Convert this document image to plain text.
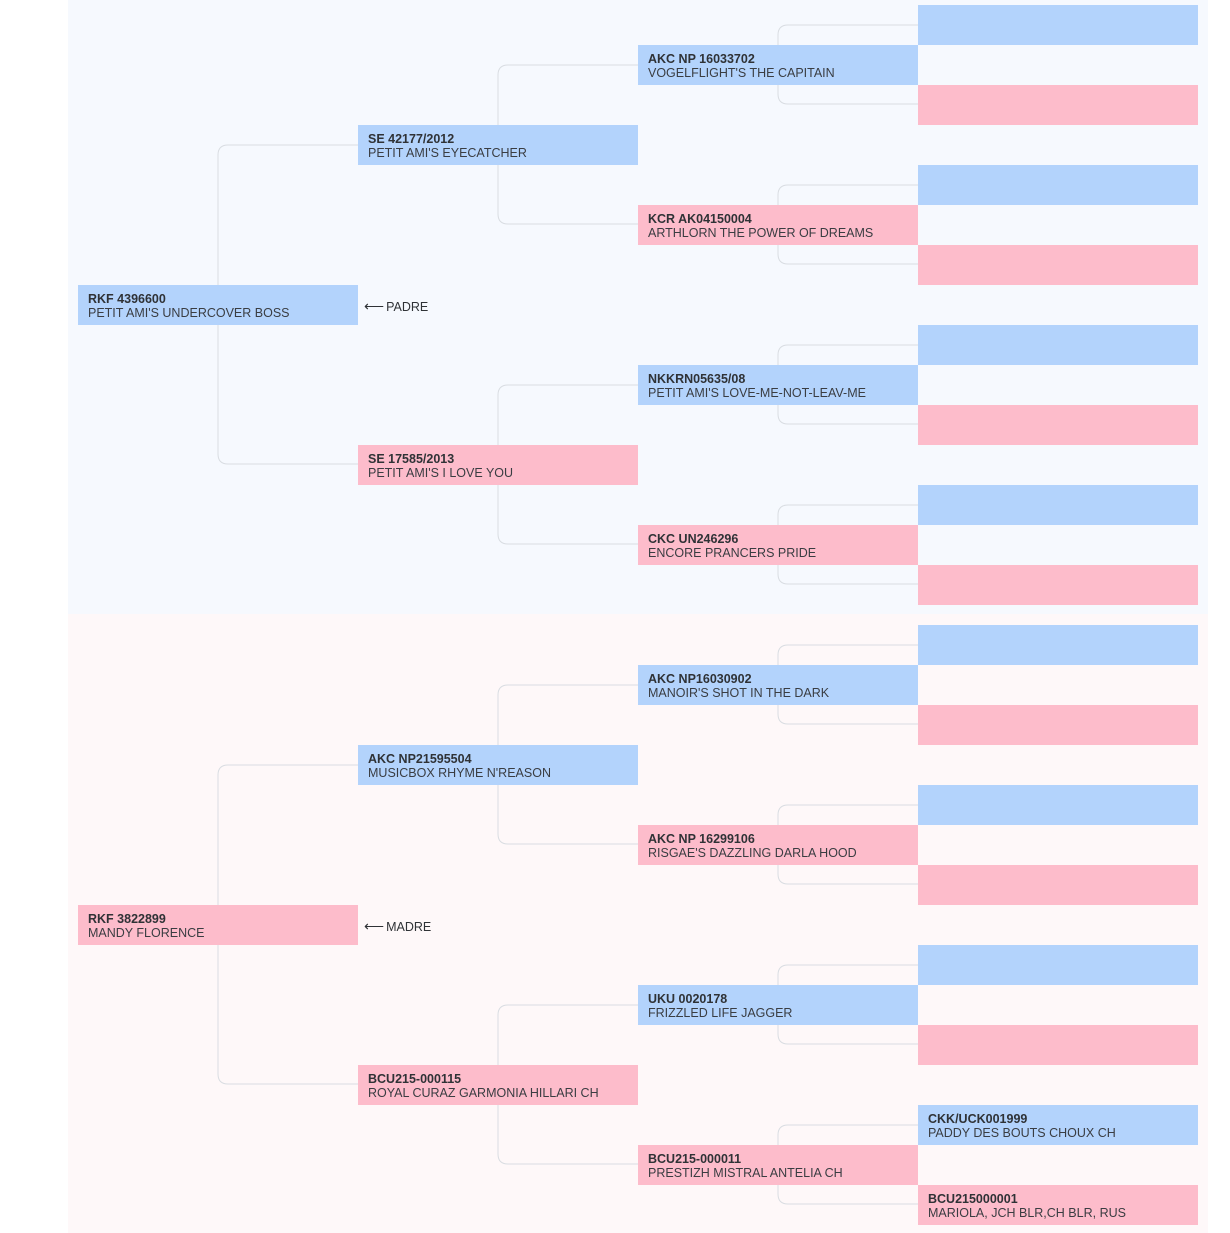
RKF 4396600
PETIT AMI'S UNDERCOVER BOSS	⟵ PADRE
RKF 3822899
MANDY FLORENCE	⟵ MADRE
SE 42177/2012
PETIT AMI'S EYECATCHER
SE 17585/2013
PETIT AMI'S I LOVE YOU
AKC NP21595504
MUSICBOX RHYME N'REASON
BCU215-000115
ROYAL CURAZ GARMONIA HILLARI CH
AKC NP 16033702
VOGELFLIGHT'S THE CAPITAIN
KCR AK04150004
ARTHLORN THE POWER OF DREAMS
NKKRN05635/08
PETIT AMI'S LOVE-ME-NOT-LEAV-ME
CKC UN246296
ENCORE PRANCERS PRIDE
AKC NP16030902
MANOIR'S SHOT IN THE DARK
AKC NP 16299106
RISGAE'S DAZZLING DARLA HOOD
UKU 0020178
FRIZZLED LIFE JAGGER
BCU215-000011
PRESTIZH MISTRAL ANTELIA CH
CKK/UCK001999
PADDY DES BOUTS CHOUX CH
BCU215000001
MARIOLA, JCH BLR,CH BLR, RUS
